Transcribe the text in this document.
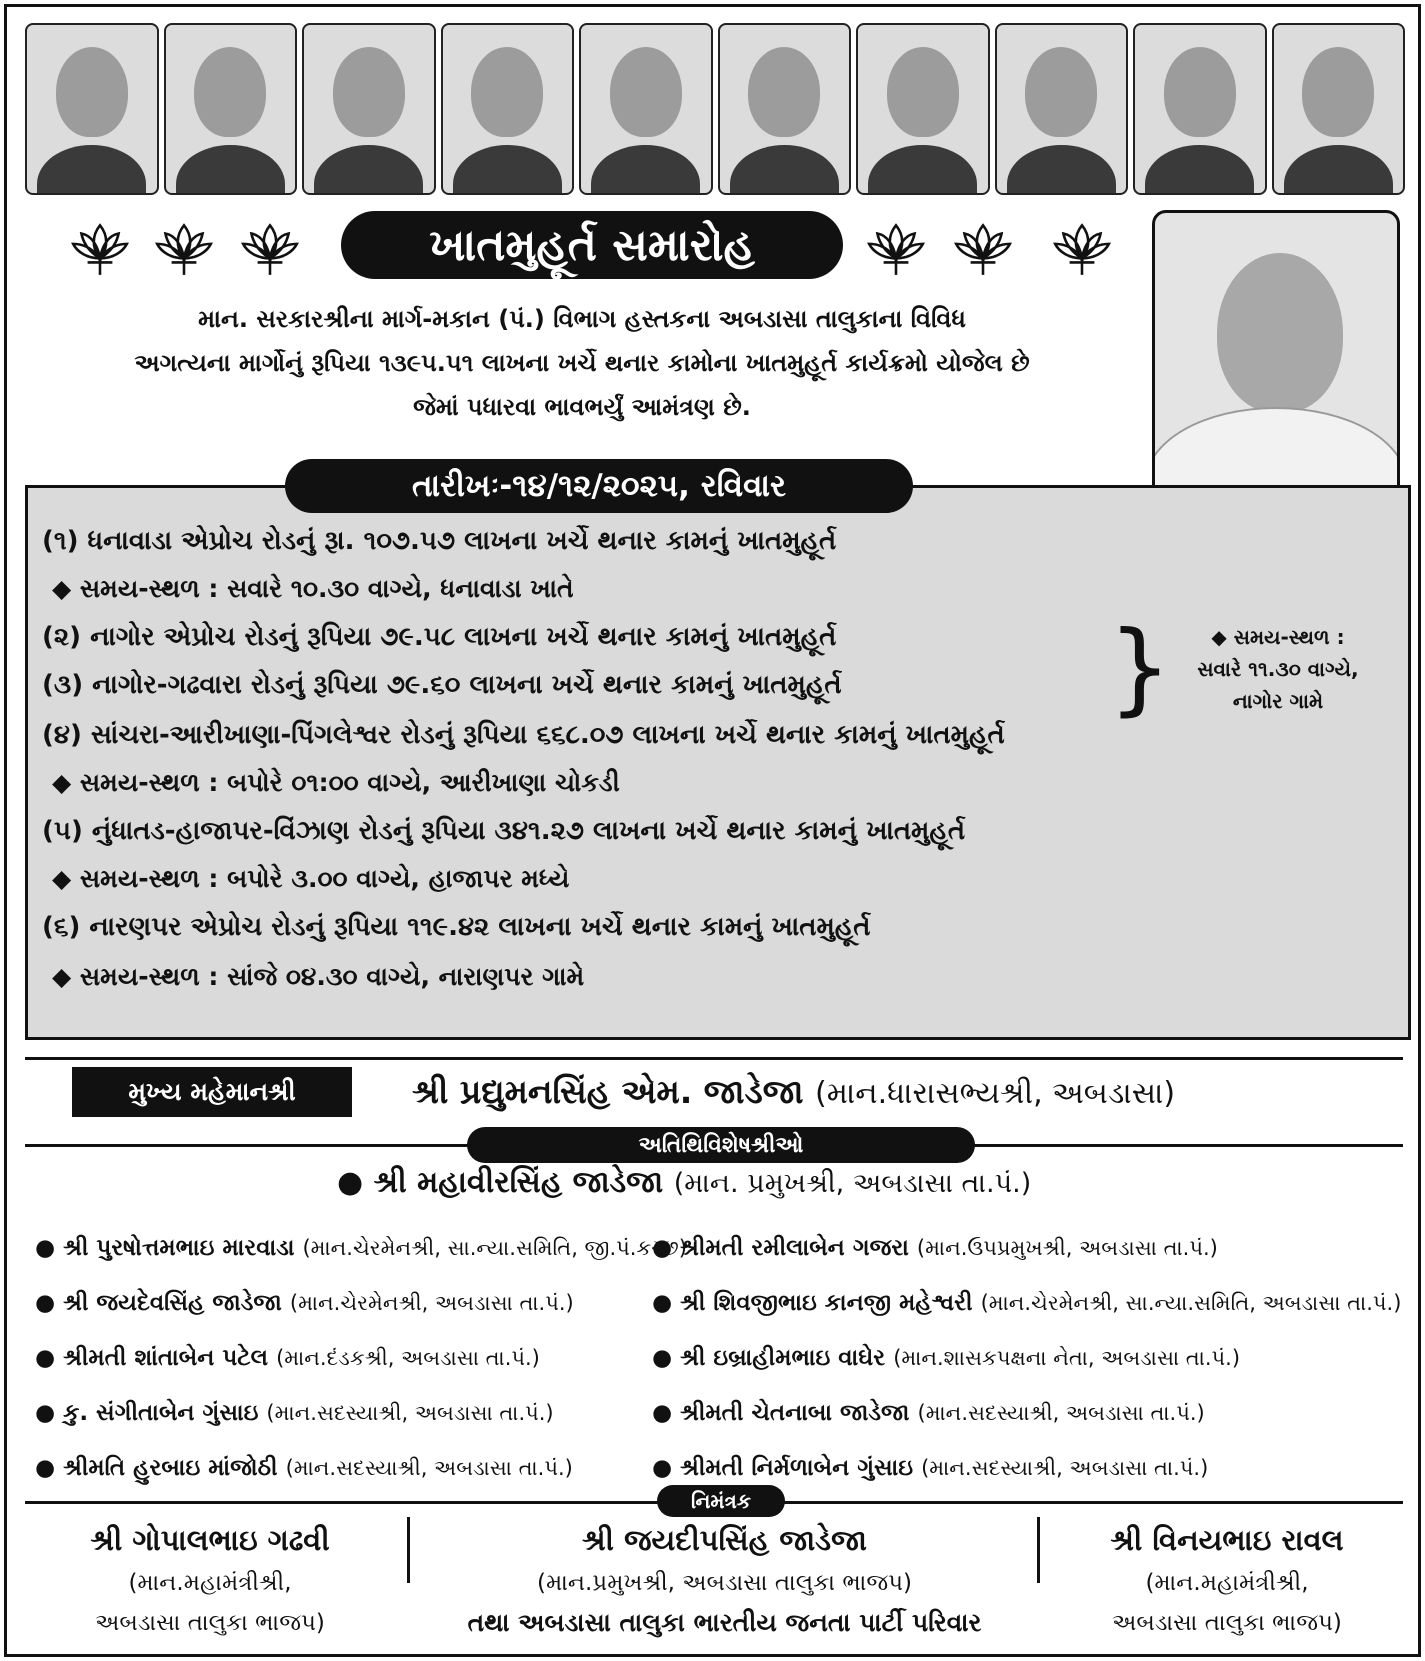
ખાતમુહૂર્ત સમારોહ
માન. સરકારશ્રીના માર્ગ-મકાન (પં.) વિભાગ હસ્તકના અબડાસા તાલુકાના વિવિધ
અગત્યના માર્ગોનું રૂપિયા ૧૩૯૫.૫૧ લાખના ખર્ચે થનાર કામોના ખાતમુહૂર્ત કાર્યક્રમો યોજેલ છે
જેમાં પધારવા ભાવભર્યું આમંત્રણ છે.
તારીખઃ-૧૪/૧૨/૨૦૨૫, રવિવાર
(૧) ધનાવાડા એપ્રોચ રોડનું રૂા. ૧૦૭.૫૭ લાખના ખર્ચે થનાર કામનું ખાતમુહૂર્ત
◆ સમય-સ્થળ : સવારે ૧૦.૩૦ વાગ્યે, ધનાવાડા ખાતે
(૨) નાગોર એપ્રોચ રોડનું રૂપિયા ૭૯.૫૮ લાખના ખર્ચે થનાર કામનું ખાતમુહૂર્ત
(૩) નાગોર-ગઢવારા રોડનું રૂપિયા ૭૯.૬૦ લાખના ખર્ચે થનાર કામનું ખાતમુહૂર્ત
(૪) સાંચરા-આરીખાણા-પિંગલેશ્વર રોડનું રૂપિયા ૬૬૮.૦૭ લાખના ખર્ચે થનાર કામનું ખાતમુહૂર્ત
◆ સમય-સ્થળ : બપોરે ૦૧:૦૦ વાગ્યે, આરીખાણા ચોકડી
(૫) નુંધાતડ-હાજાપર-વિંઝાણ રોડનું રૂપિયા ૩૪૧.૨૭ લાખના ખર્ચે થનાર કામનું ખાતમુહૂર્ત
◆ સમય-સ્થળ : બપોરે ૩.૦૦ વાગ્યે, હાજાપર મધ્યે
(૬) નારણપર એપ્રોચ રોડનું રૂપિયા ૧૧૯.૪૨ લાખના ખર્ચે થનાર કામનું ખાતમુહૂર્ત
◆ સમય-સ્થળ : સાંજે ૦૪.૩૦ વાગ્યે, નારાણપર ગામે
}	◆ સમય-સ્થળ :
સવારે ૧૧.૩૦ વાગ્યે,
નાગોર ગામે
મુખ્ય મહેમાનશ્રી	શ્રી પ્રદ્યુમનસિંહ એમ. જાડેજા (માન.ધારાસભ્યશ્રી, અબડાસા)
અતિથિવિશેષશ્રીઓ
● શ્રી મહાવીરસિંહ જાડેજા (માન. પ્રમુખશ્રી, અબડાસા તા.પં.)
● શ્રી પુરષોત્તમભાઇ મારવાડા (માન.ચેરમેનશ્રી, સા.ન્યા.સમિતિ, જી.પં.કચ્છ)
● શ્રી જયદેવસિંહ જાડેજા (માન.ચેરમેનશ્રી, અબડાસા તા.પં.)
● શ્રીમતી શાંતાબેન પટેલ (માન.દંડકશ્રી, અબડાસા તા.પં.)
● કુ. સંગીતાબેન ગુંસાઇ (માન.સદસ્યાશ્રી, અબડાસા તા.પં.)
● શ્રીમતિ હુરબાઇ માંજોઠી (માન.સદસ્યાશ્રી, અબડાસા તા.પં.)
● શ્રીમતી રમીલાબેન ગજરા (માન.ઉપપ્રમુખશ્રી, અબડાસા તા.પં.)
● શ્રી શિવજીભાઇ કાનજી મહેશ્વરી (માન.ચેરમેનશ્રી, સા.ન્યા.સમિતિ, અબડાસા તા.પં.)
● શ્રી ઇબ્રાહીમભાઇ વાઘેર (માન.શાસકપક્ષના નેતા, અબડાસા તા.પં.)
● શ્રીમતી ચેતનાબા જાડેજા (માન.સદસ્યાશ્રી, અબડાસા તા.પં.)
● શ્રીમતી નિર્મળાબેન ગુંસાઇ (માન.સદસ્યાશ્રી, અબડાસા તા.પં.)
નિમંત્રક
શ્રી ગોપાલભાઇ ગઢવી
(માન.મહામંત્રીશ્રી,
અબડાસા તાલુકા ભાજપ)
શ્રી જયદીપસિંહ જાડેજા
(માન.પ્રમુખશ્રી, અબડાસા તાલુકા ભાજપ)
તથા અબડાસા તાલુકા ભારતીય જનતા પાર્ટી પરિવાર
શ્રી વિનયભાઇ રાવલ
(માન.મહામંત્રીશ્રી,
અબડાસા તાલુકા ભાજપ)
